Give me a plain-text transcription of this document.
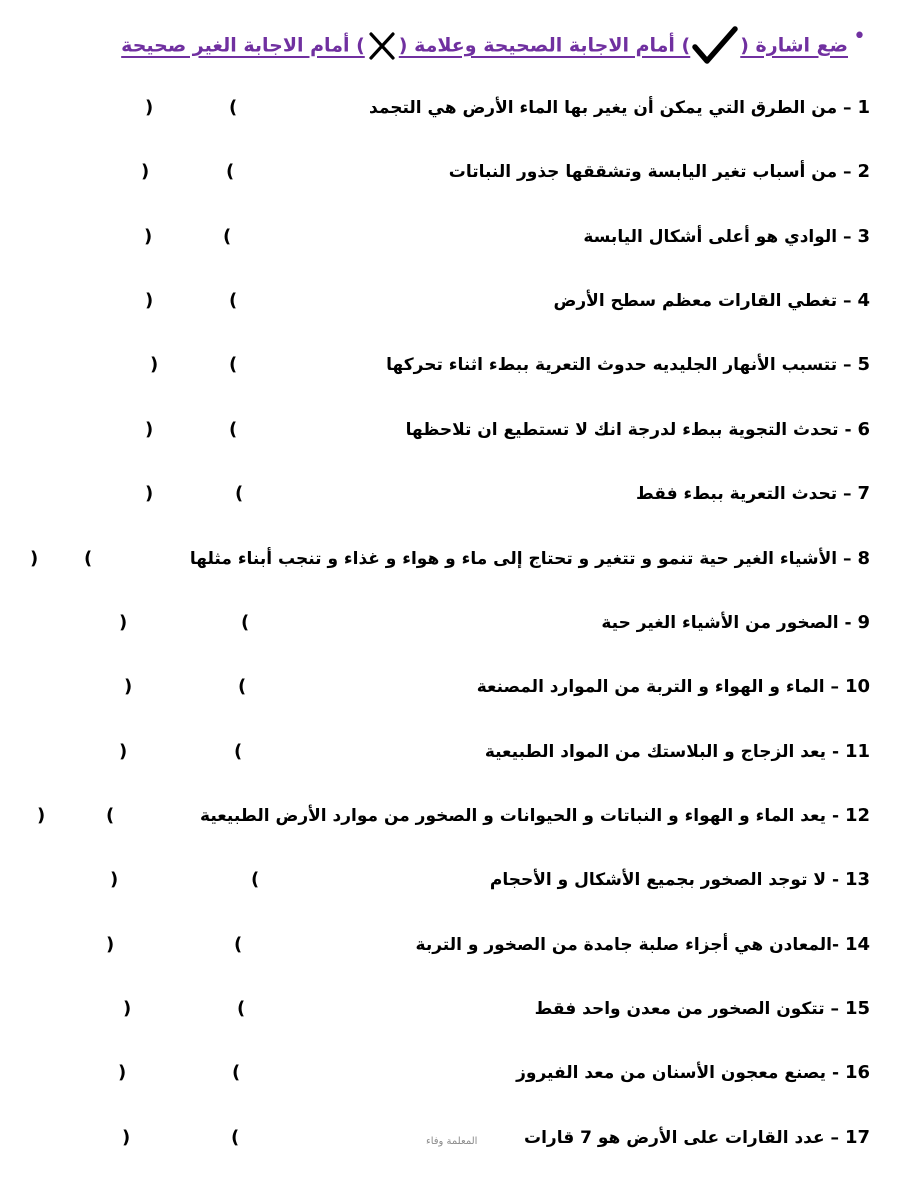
•
ضع اشارة () أمام الاجابة الصحيحة وعلامة () أمام الاجابة الغير صحيحة
1 – من الطرق التي يمكن أن يغير بها الماء الأرض هي التجمد
(
)
2 – من أسباب تغير اليابسة وتشققها جذور النباتات
(
)
3 – الوادي هو أعلى أشكال اليابسة
(
)
4 – تغطي القارات معظم سطح الأرض
(
)
5 – تتسبب الأنهار الجليديه حدوث التعرية ببطء اثناء تحركها
(
)
6 - تحدث التجوية ببطء لدرجة انك لا تستطيع ان تلاحظها
(
)
7 – تحدث التعرية ببطء فقط
(
)
8 – الأشياء الغير حية تنمو و تتغير و تحتاج إلى ماء و هواء و غذاء و تنجب أبناء مثلها
(
)
9 - الصخور من الأشياء الغير حية
(
)
10 – الماء و الهواء و التربة من الموارد المصنعة
(
)
11 - يعد الزجاج و البلاستك من المواد الطبيعية
(
)
12 - يعد الماء و الهواء و النباتات و الحيوانات و الصخور من موارد الأرض الطبيعية
(
)
13 - لا توجد الصخور بجميع الأشكال و الأحجام
(
)
14 -المعادن هي أجزاء صلبة جامدة من الصخور و التربة
(
)
15 – تتكون الصخور من معدن واحد فقط
(
)
16 - يصنع معجون الأسنان من معد الفيروز
(
)
17 – عدد القارات على الأرض هو 7 قارات
(
)	المعلمة وفاء
